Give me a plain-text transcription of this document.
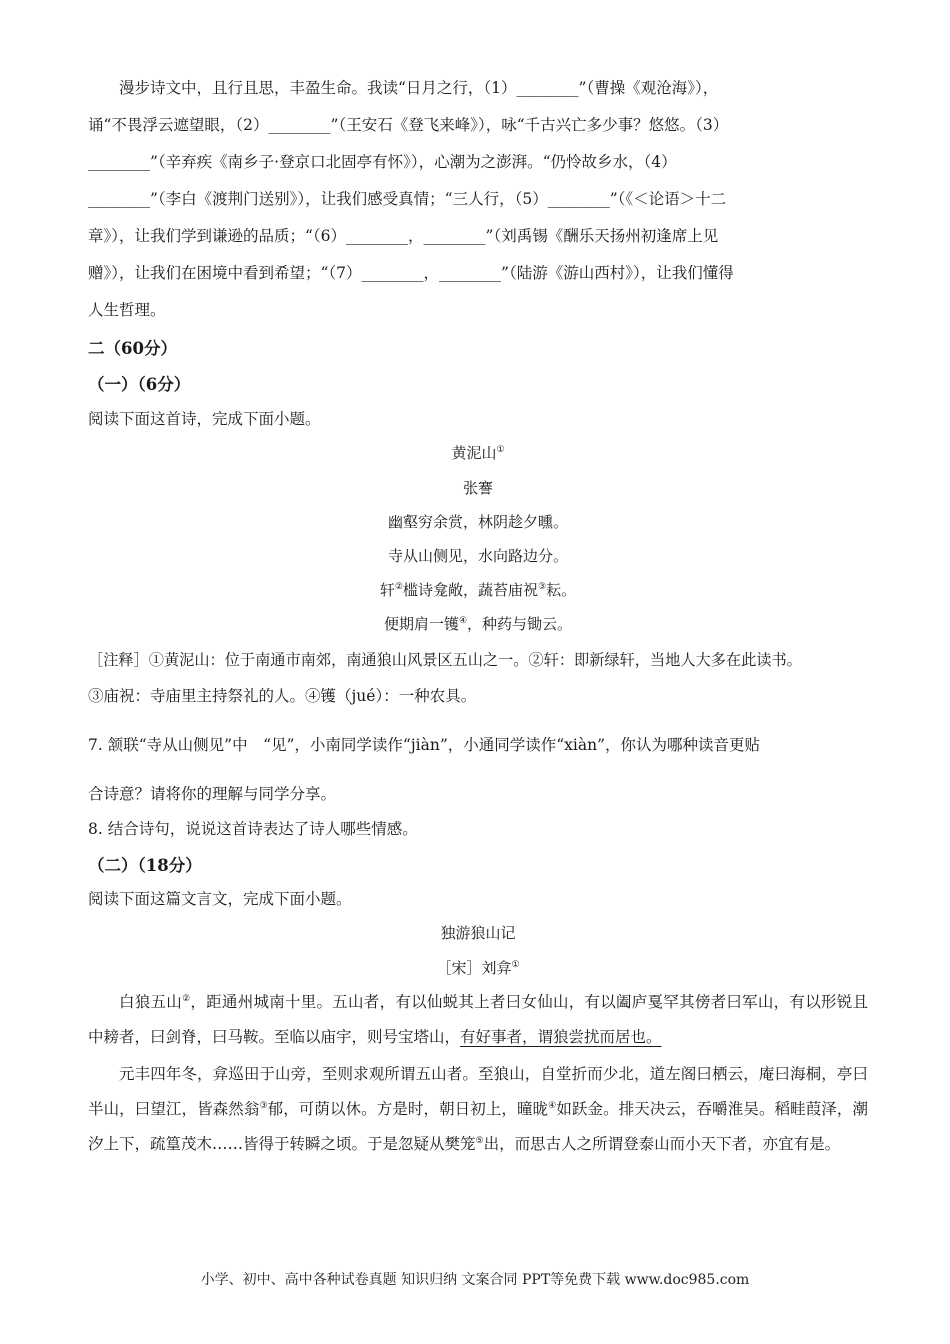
漫步诗文中，且行且思，丰盈生命。我读“日月之行，（1）________”（曹操《观沧海》），
诵“不畏浮云遮望眼，（2）________”（王安石《登飞来峰》），咏“千古兴亡多少事？悠悠。（3）
________”（辛弃疾《南乡子·登京口北固亭有怀》），心潮为之澎湃。“仍怜故乡水，（4）
________”（李白《渡荆门送别》），让我们感受真情；“三人行，（5）________”（《＜论语＞十二
章》），让我们学到谦逊的品质；“（6）________，________”（刘禹锡《酬乐天扬州初逢席上见
赠》），让我们在困境中看到希望；“（7）________，________”（陆游《游山西村》），让我们懂得
人生哲理。
二（60分）
（一）（6分）
阅读下面这首诗，完成下面小题。
黄泥山①
张謇
幽壑穷余赏，林阴趁夕曛。
寺从山侧见，水向路边分。
轩②槛诗龛敞，蔬苔庙祝③耘。
便期肩一镬④，种药与锄云。
［注释］①黄泥山：位于南通市南郊，南通狼山风景区五山之一。②轩：即新绿轩，当地人大多在此读书。
③庙祝：寺庙里主持祭礼的人。④镬（jué）：一种农具。
7. 颔联“寺从山侧见”中　“见”，小南同学读作“jiàn”，小通同学读作“xiàn”，你认为哪种读音更贴
合诗意？请将你的理解与同学分享。
8. 结合诗句，说说这首诗表达了诗人哪些情感。
（二）（18分）
阅读下面这篇文言文，完成下面小题。
独游狼山记
［宋］刘弇①
白狼五山②，距通州城南十里。五山者，有以仙蜕其上者曰女仙山，有以阖庐戛罕其傍者曰军山，有以形锐且中耪者，曰剑脊，曰马鞍。至临以庙宇，则号宝塔山，有好事者，谓狼尝扰而居也。
元丰四年冬，弇巡田于山旁，至则求观所谓五山者。至狼山，自堂折而少北，道左阁曰栖云，庵曰海桐，亭曰半山，曰望江，皆森然翁③郁，可荫以休。方是时，朝日初上，曈昽④如跃金。排天决云，吞嚼淮吴。稻畦葭泽，潮汐上下，疏篁茂木……皆得于转瞬之顷。于是忽疑从樊笼⑤出，而思古人之所谓登泰山而小天下者，亦宜有是。
小学、初中、高中各种试卷真题 知识归纳 文案合同 PPT等免费下载 www.doc985.com
